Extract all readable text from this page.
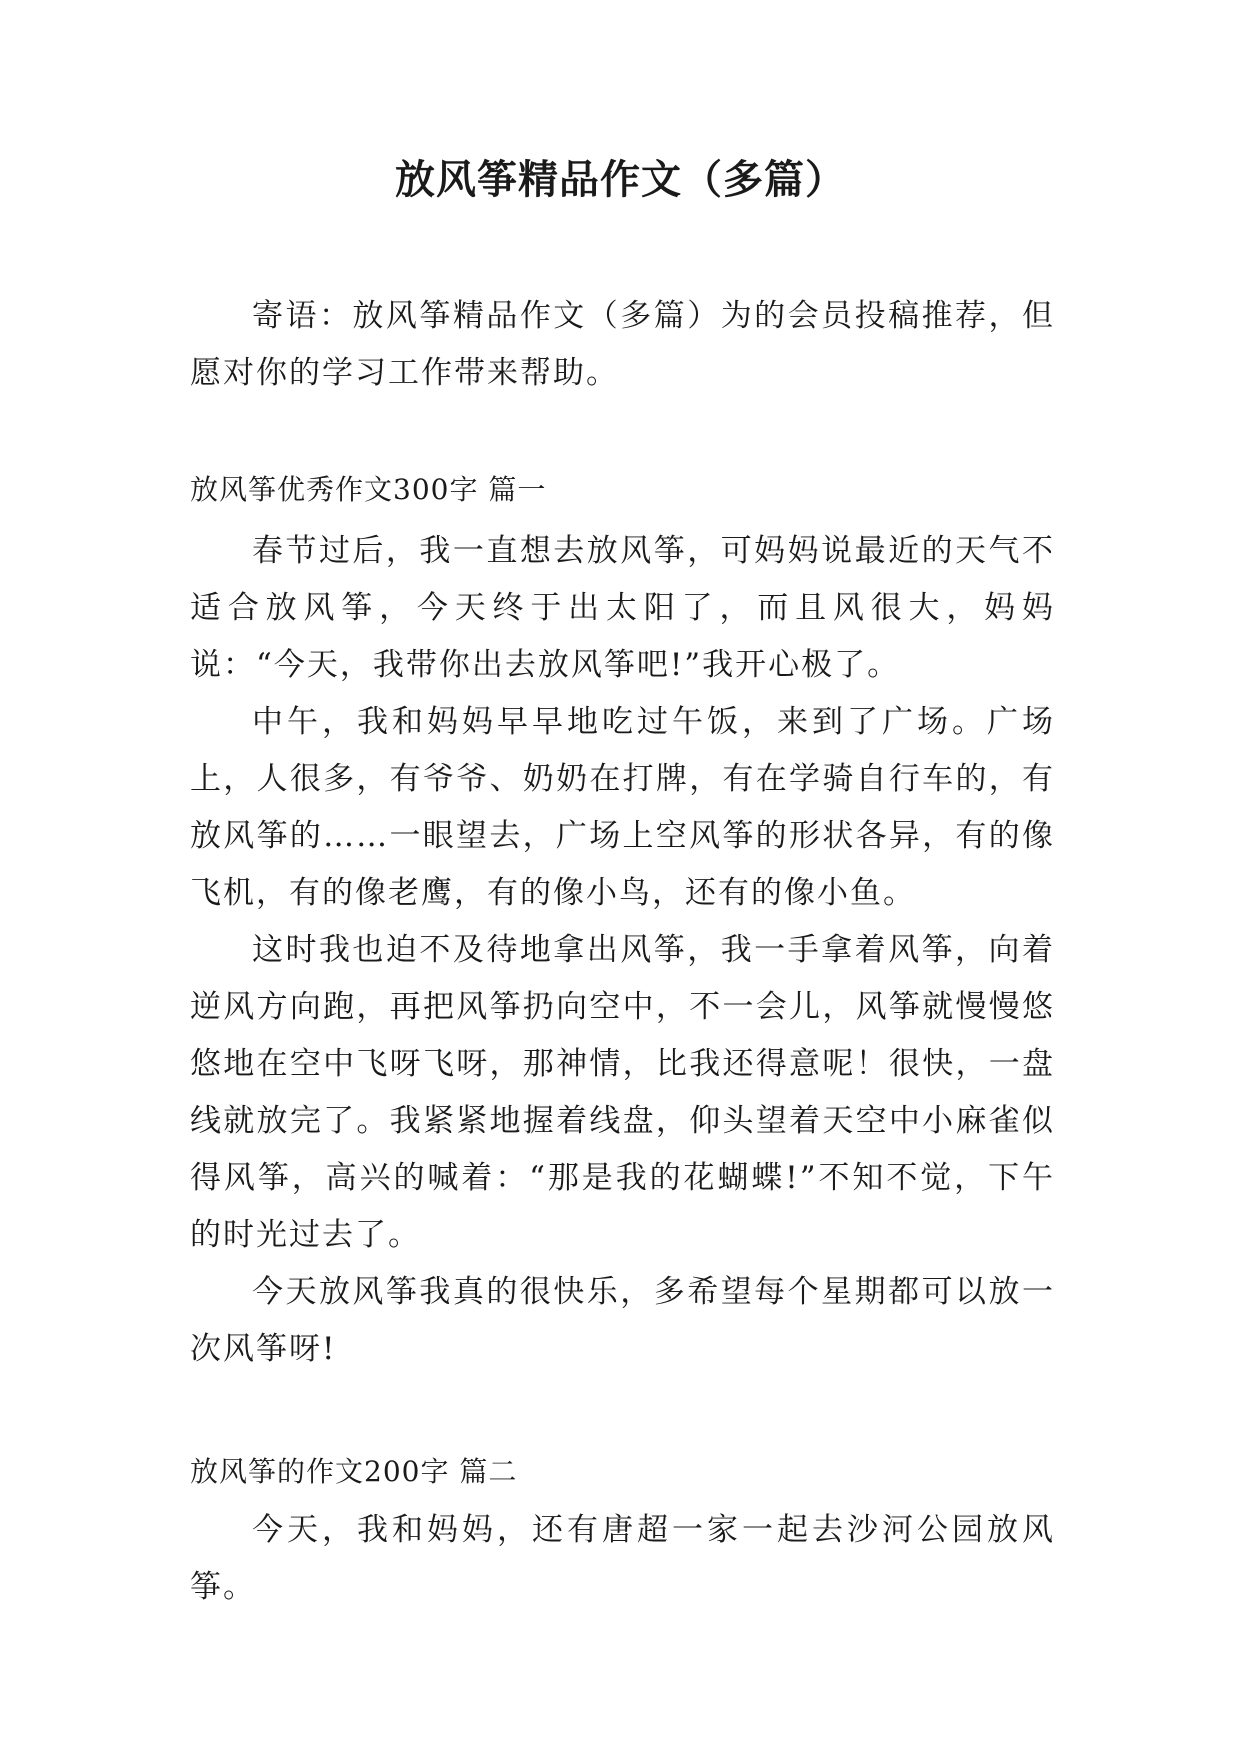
放风筝精品作文（多篇）

寄语：放风筝精品作文（多篇）为的会员投稿推荐，但愿对你的学习工作带来帮助。

放风筝优秀作文300字 篇一

春节过后，我一直想去放风筝，可妈妈说最近的天气不适合放风筝，今天终于出太阳了，而且风很大，妈妈说：“今天，我带你出去放风筝吧!”我开心极了。

中午，我和妈妈早早地吃过午饭，来到了广场。广场上，人很多，有爷爷、奶奶在打牌，有在学骑自行车的，有放风筝的……一眼望去，广场上空风筝的形状各异，有的像飞机，有的像老鹰，有的像小鸟，还有的像小鱼。

这时我也迫不及待地拿出风筝，我一手拿着风筝，向着逆风方向跑，再把风筝扔向空中，不一会儿，风筝就慢慢悠悠地在空中飞呀飞呀，那神情，比我还得意呢！很快，一盘线就放完了。我紧紧地握着线盘，仰头望着天空中小麻雀似得风筝，高兴的喊着：“那是我的花蝴蝶!”不知不觉，下午的时光过去了。

今天放风筝我真的很快乐，多希望每个星期都可以放一次风筝呀!

放风筝的作文200字 篇二

今天，我和妈妈，还有唐超一家一起去沙河公园放风筝。
